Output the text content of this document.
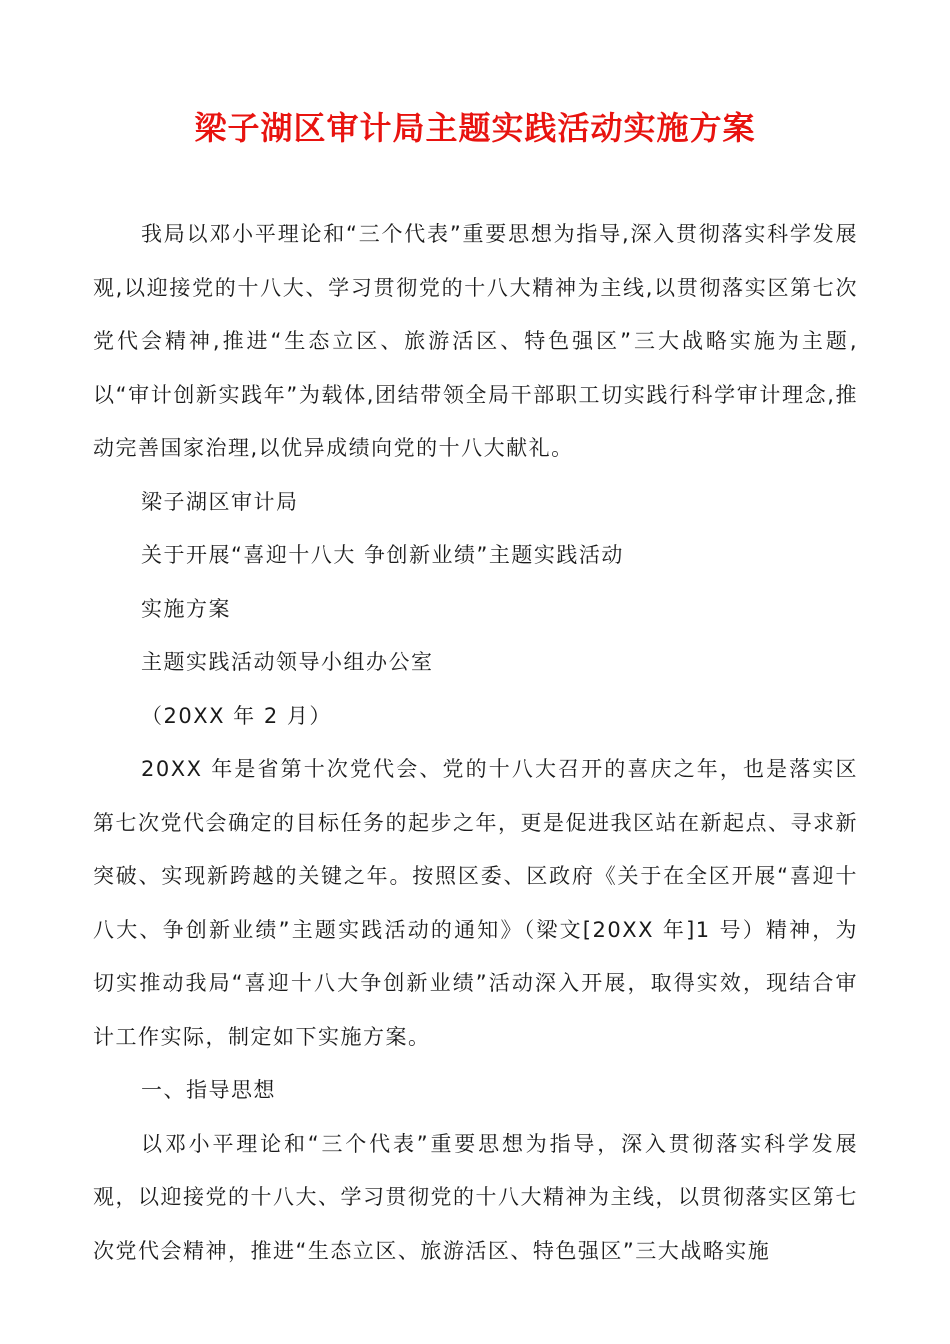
梁子湖区审计局主题实践活动实施方案

我局以邓小平理论和“三个代表”重要思想为指导,深入贯彻落实科学发展观,以迎接党的十八大、学习贯彻党的十八大精神为主线,以贯彻落实区第七次党代会精神,推进“生态立区、旅游活区、特色强区”三大战略实施为主题,以“审计创新实践年”为载体,团结带领全局干部职工切实践行科学审计理念,推动完善国家治理,以优异成绩向党的十八大献礼。

梁子湖区审计局

关于开展“喜迎十八大 争创新业绩”主题实践活动

实施方案

主题实践活动领导小组办公室

（20XX 年 2 月）

20XX 年是省第十次党代会、党的十八大召开的喜庆之年，也是落实区第七次党代会确定的目标任务的起步之年，更是促进我区站在新起点、寻求新突破、实现新跨越的关键之年。按照区委、区政府《关于在全区开展“喜迎十八大、争创新业绩”主题实践活动的通知》（梁文[20XX 年]1 号）精神，为切实推动我局“喜迎十八大争创新业绩”活动深入开展，取得实效，现结合审计工作实际，制定如下实施方案。

一、指导思想

以邓小平理论和“三个代表”重要思想为指导，深入贯彻落实科学发展观，以迎接党的十八大、学习贯彻党的十八大精神为主线，以贯彻落实区第七次党代会精神，推进“生态立区、旅游活区、特色强区”三大战略实施
